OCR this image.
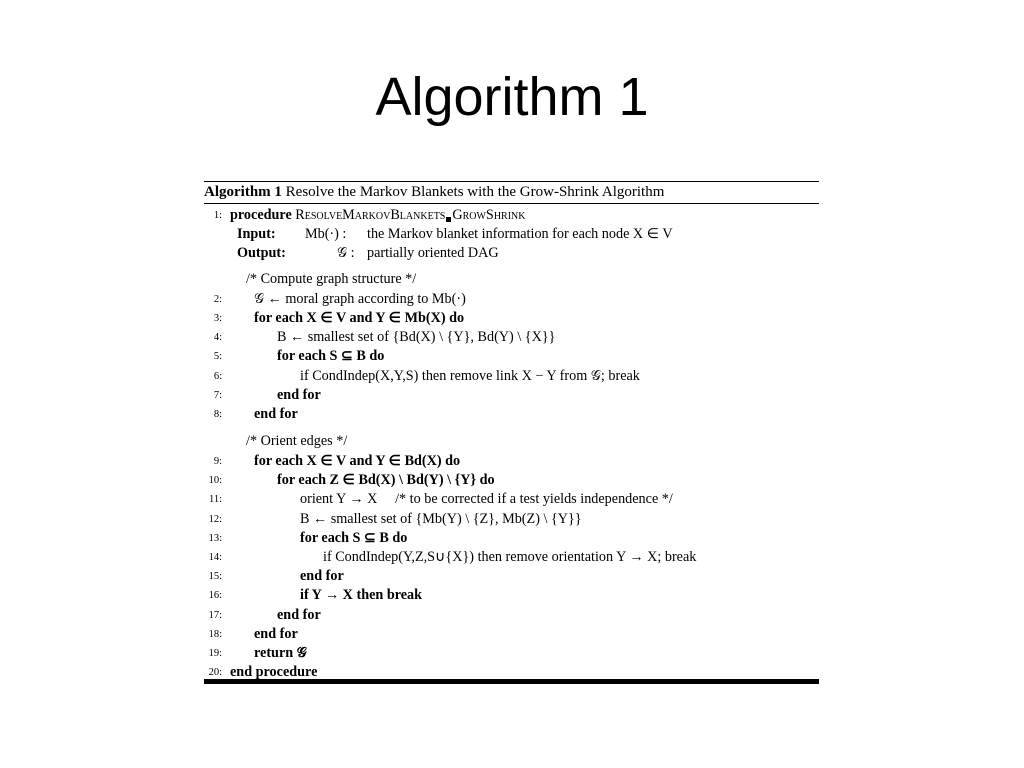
Algorithm 1
Algorithm 1 Resolve the Markov Blankets with the Grow-Shrink Algorithm
1: procedure ResolveMarkovBlankets GrowShrink
Input: Mb(·) : the Markov blanket information for each node X ∈ V
Output:	𝒢 : partially oriented DAG
/* Compute graph structure */
2: 𝒢 ← moral graph according to Mb(·)
3: for each X ∈ V and Y ∈ Mb(X) do
4:	B ← smallest set of {Bd(X) \ {Y}, Bd(Y) \ {X}}
5:	for each S ⊆ B do
6:	if CondIndep(X,Y,S) then remove link X − Y from 𝒢; break
7:	end for
8: end for
/* Orient edges */
9: for each X ∈ V and Y ∈ Bd(X) do
10:	for each Z ∈ Bd(X) \ Bd(Y) \ {Y} do
11:	orient Y → X     /* to be corrected if a test yields independence */
12:	B ← smallest set of {Mb(Y) \ {Z}, Mb(Z) \ {Y}}
13:	for each S ⊆ B do
14:	if CondIndep(Y,Z,S∪{X}) then remove orientation Y → X; break
15:	end for
16:	if Y → X then break
17:	end for
18: end for
19: return 𝒢
20: end procedure
